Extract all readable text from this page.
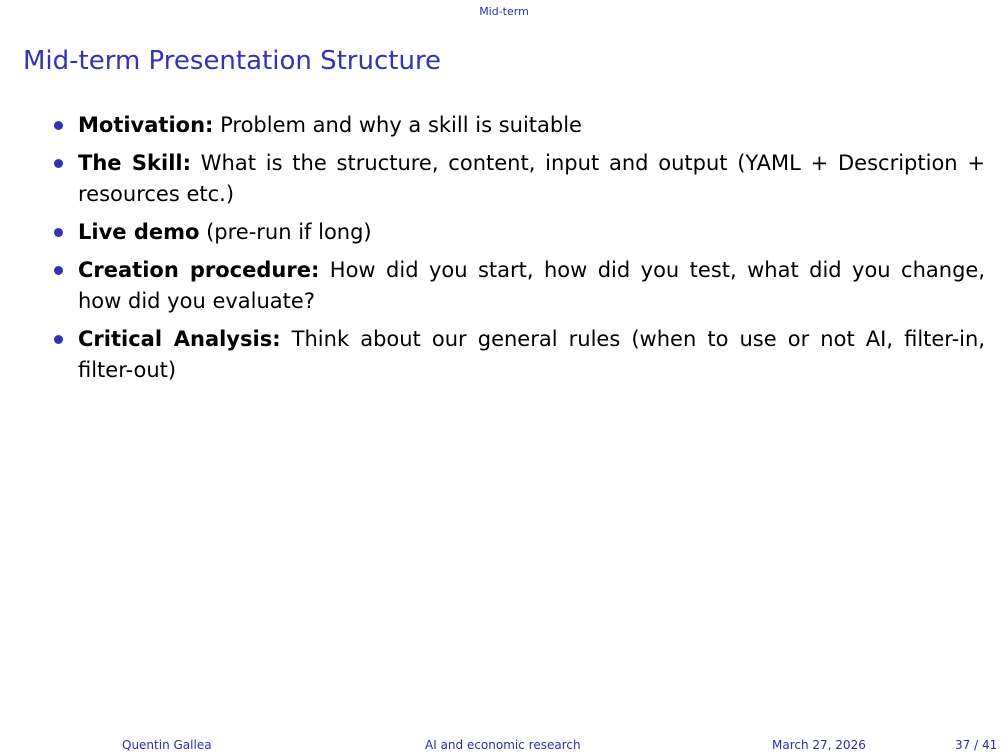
Mid-term
Mid-term Presentation Structure
Motivation: Problem and why a skill is suitable
The Skill: What is the structure, content, input and output (YAML + Description + resources etc.)
Live demo (pre-run if long)
Creation procedure: How did you start, how did you test, what did you change, how did you evaluate?
Critical Analysis: Think about our general rules (when to use or not AI, filter-in, filter-out)
Quentin Gallea	AI and economic research	March 27, 2026	37 / 41
